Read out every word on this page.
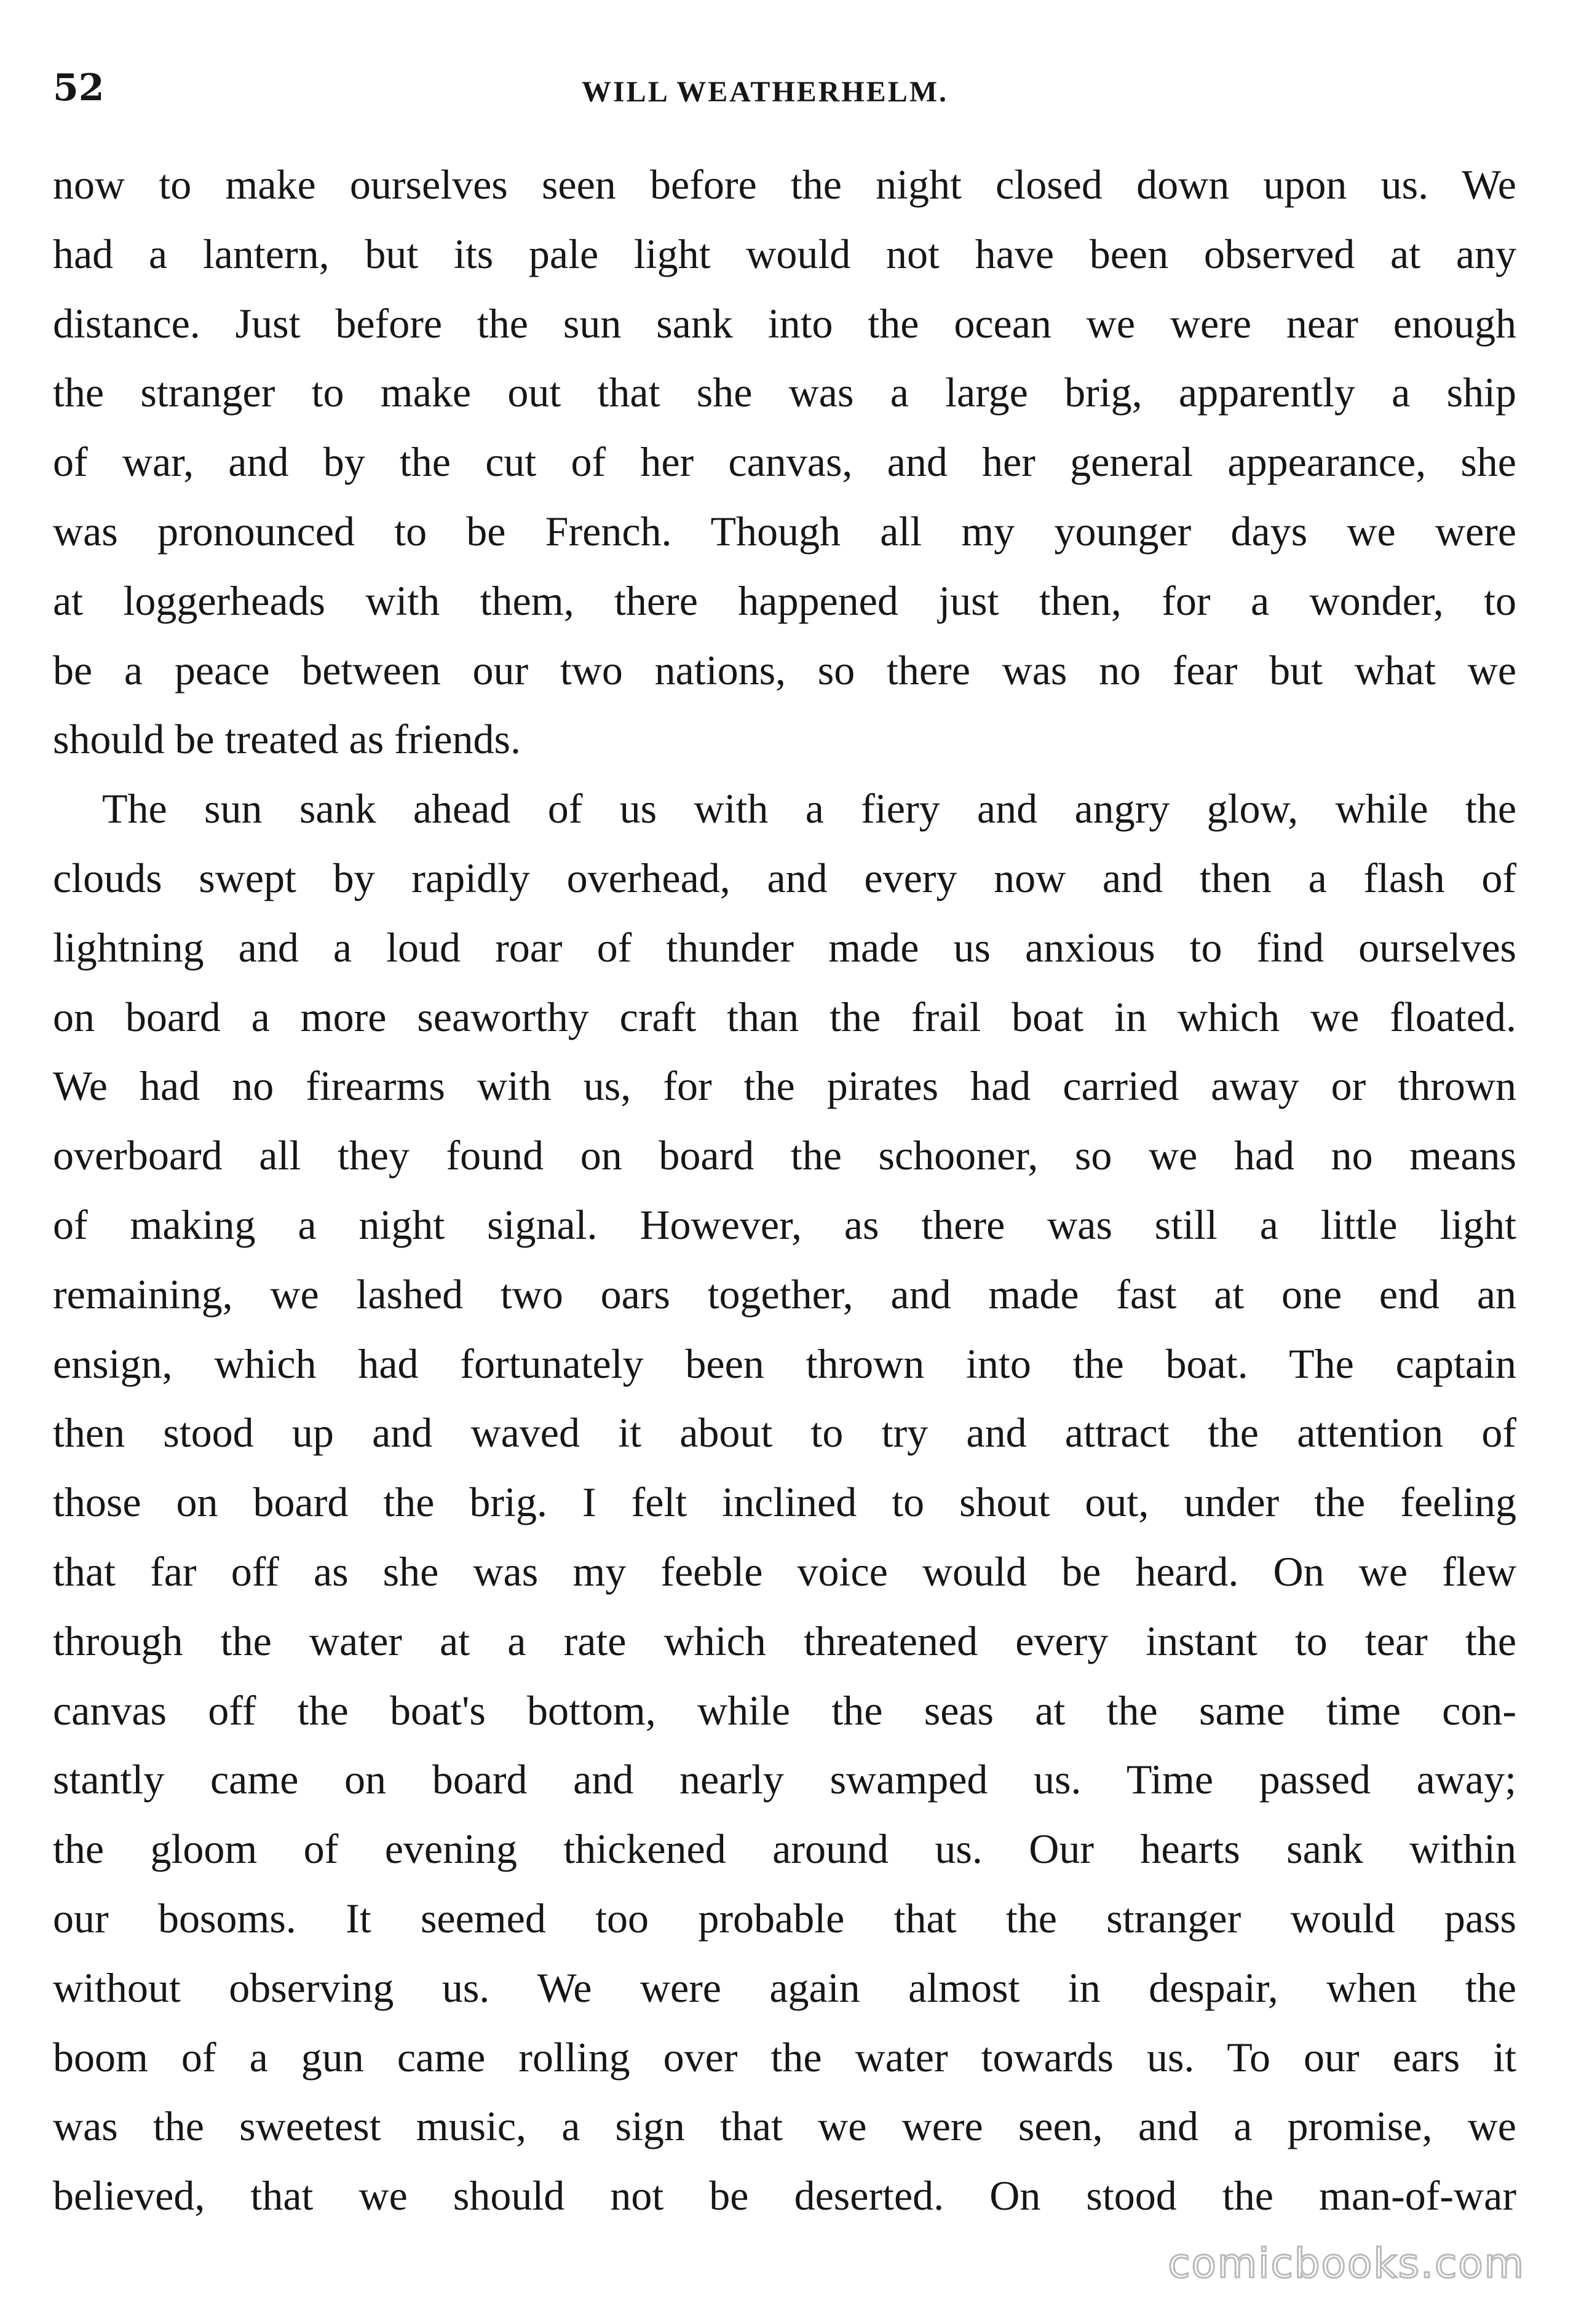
52	WILL WEATHERHELM.
now to make ourselves seen before the night closed down upon us. We
had a lantern, but its pale light would not have been observed at any
distance. Just before the sun sank into the ocean we were near enough
the stranger to make out that she was a large brig, apparently a ship
of war, and by the cut of her canvas, and her general appearance, she
was pronounced to be French. Though all my younger days we were
at loggerheads with them, there happened just then, for a wonder, to
be a peace between our two nations, so there was no fear but what we
should be treated as friends.
The sun sank ahead of us with a fiery and angry glow, while the
clouds swept by rapidly overhead, and every now and then a flash of
lightning and a loud roar of thunder made us anxious to find ourselves
on board a more seaworthy craft than the frail boat in which we floated.
We had no firearms with us, for the pirates had carried away or thrown
overboard all they found on board the schooner, so we had no means
of making a night signal. However, as there was still a little light
remaining, we lashed two oars together, and made fast at one end an
ensign, which had fortunately been thrown into the boat. The captain
then stood up and waved it about to try and attract the attention of
those on board the brig. I felt inclined to shout out, under the feeling
that far off as she was my feeble voice would be heard. On we flew
through the water at a rate which threatened every instant to tear the
canvas off the boat's bottom, while the seas at the same time con-
stantly came on board and nearly swamped us. Time passed away;
the gloom of evening thickened around us. Our hearts sank within
our bosoms. It seemed too probable that the stranger would pass
without observing us. We were again almost in despair, when the
boom of a gun came rolling over the water towards us. To our ears it
was the sweetest music, a sign that we were seen, and a promise, we
believed, that we should not be deserted. On stood the man-of-war
comicbooks.com
